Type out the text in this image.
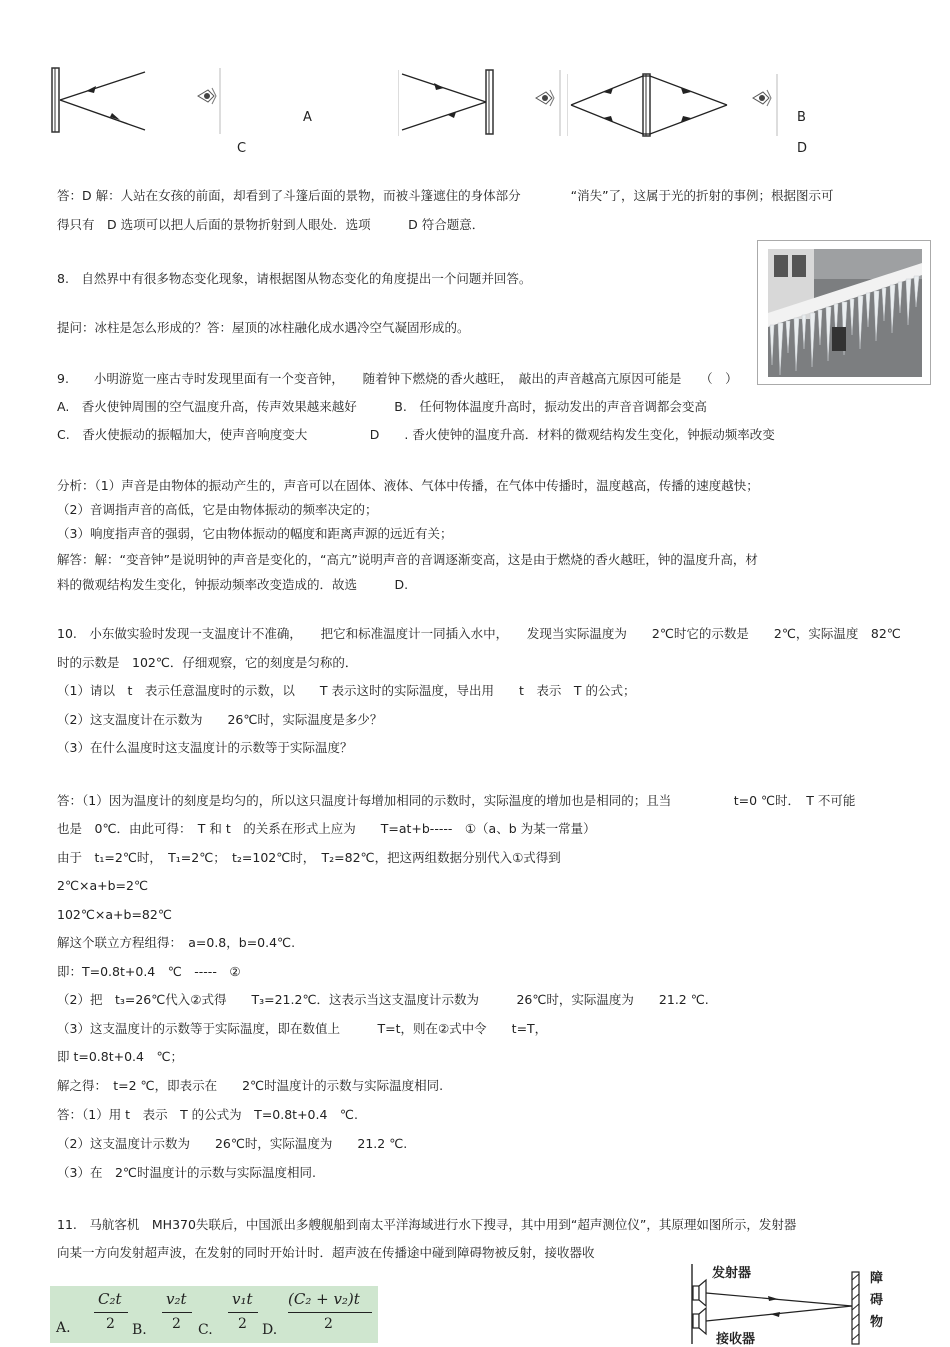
C
A	B
D
答：D 解：人站在女孩的前面，却看到了斗篷后面的景物，而被斗篷遮住的身体部分　　　　“消失”了，这属于光的折射的事例；根据图示可
得只有　D 选项可以把人后面的景物折射到人眼处．选项　　　D 符合题意．
8.　自然界中有很多物态变化现象，请根据图从物态变化的角度提出一个问题并回答。
提问：冰柱是怎么形成的？答：屋顶的冰柱融化成水遇冷空气凝固形成的。
9.　　小明游览一座古寺时发现里面有一个变音钟，　　随着钟下燃烧的香火越旺，　敲出的声音越高亢原因可能是　　（　）
A.　香火使钟周围的空气温度升高，传声效果越来越好　　　B.　任何物体温度升高时，振动发出的声音音调都会变高
C.　香火使振动的振幅加大，使声音响度变大　　　　　D　　. 香火使钟的温度升高．材料的微观结构发生变化，钟振动频率改变
分析：（1）声音是由物体的振动产生的，声音可以在固体、液体、气体中传播，在气体中传播时，温度越高，传播的速度越快；
（2）音调指声音的高低，它是由物体振动的频率决定的；
（3）响度指声音的强弱，它由物体振动的幅度和距离声源的远近有关；
解答：解：“变音钟”是说明钟的声音是变化的，“高亢”说明声音的音调逐渐变高，这是由于燃烧的香火越旺，钟的温度升高，材
料的微观结构发生变化，钟振动频率改变造成的．故选　　　D.
10.　小东做实验时发现一支温度计不准确，　　把它和标准温度计一同插入水中，　　发现当实际温度为　　2℃时它的示数是　　2℃，实际温度　82℃
时的示数是　102℃．仔细观察，它的刻度是匀称的．
（1）请以　t　表示任意温度时的示数，以　　T 表示这时的实际温度，导出用　　t　表示　T 的公式；
（2）这支温度计在示数为　　26℃时，实际温度是多少？
（3）在什么温度时这支温度计的示数等于实际温度？
答：（1）因为温度计的刻度是均匀的，所以这只温度计每增加相同的示数时，实际温度的增加也是相同的；且当　　　　　t=0 ℃时．　T 不可能
也是　0℃．由此可得：　T 和 t　的关系在形式上应为　　T=at+b-----　①（a、b 为某一常量）
由于　t₁=2℃时，　T₁=2℃；　t₂=102℃时，　T₂=82℃，把这两组数据分别代入①式得到
2℃×a+b=2℃
102℃×a+b=82℃
解这个联立方程组得：　a=0.8，b=0.4℃.
即：T=0.8t+0.4　℃　-----　②
（2）把　t₃=26℃代入②式得　　T₃=21.2℃．这表示当这支温度计示数为　　　26℃时，实际温度为　　21.2 ℃.
（3）这支温度计的示数等于实际温度，即在数值上　　　T=t，则在②式中令　　t=T，
即 t=0.8t+0.4　℃；
解之得：　t=2 ℃，即表示在　　2℃时温度计的示数与实际温度相同.
答：（1）用 t　表示　T 的公式为　T=0.8t+0.4　℃.
（2）这支温度计示数为　　26℃时，实际温度为　　21.2 ℃.
（3）在　2℃时温度计的示数与实际温度相同.
11.　马航客机　MH370失联后，中国派出多艘舰船到南太平洋海域进行水下搜寻，其中用到“超声测位仪”，其原理如图所示，发射器
向某一方向发射超声波，在发射的同时开始计时．超声波在传播途中碰到障碍物被反射，接收器收
A.
C₂t
2 B.
v₂t
2 C.
v₁t
2 D.
(C₂ + v₂)t
2
发射器
接收器
障
碍
物
